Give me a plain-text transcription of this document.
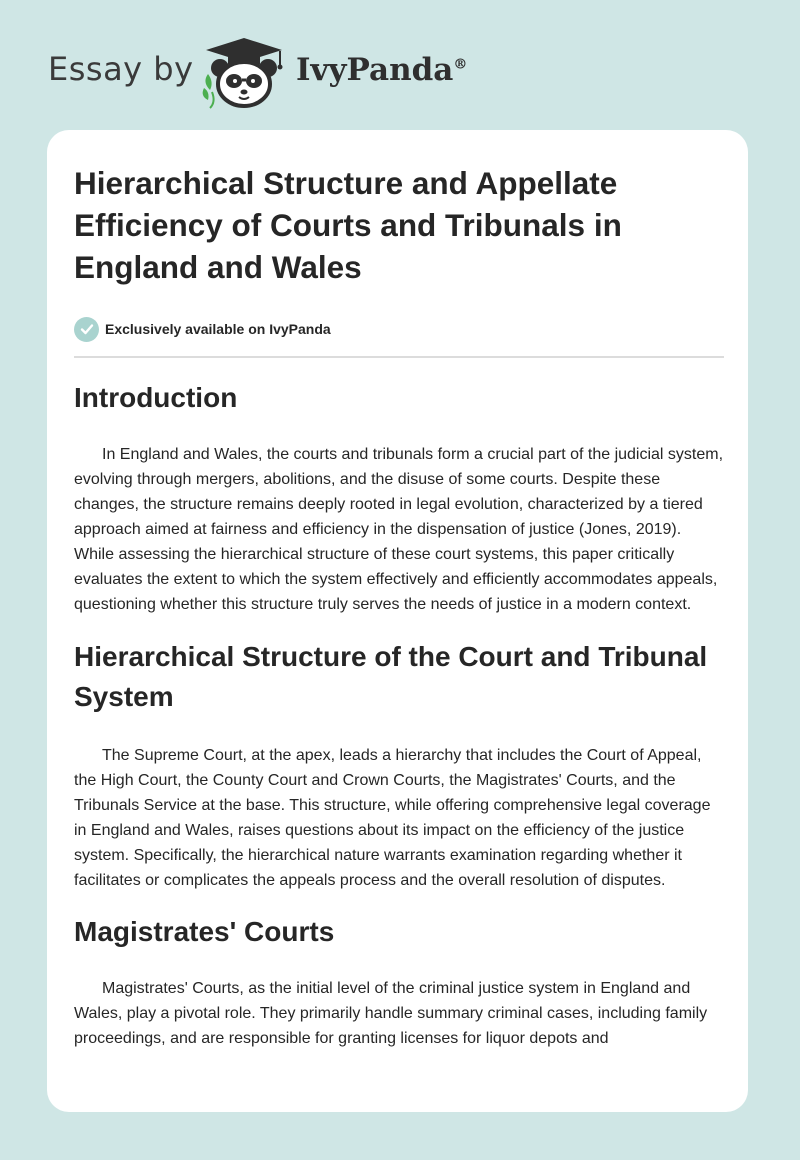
Essay by	IvyPanda®
Hierarchical Structure and Appellate Efficiency of Courts and Tribunals in England and Wales
Exclusively available on IvyPanda
Introduction

In England and Wales, the courts and tribunals form a crucial part of the judicial system, evolving through mergers, abolitions, and the disuse of some courts. Despite these changes, the structure remains deeply rooted in legal evolution, characterized by a tiered approach aimed at fairness and efficiency in the dispensation of justice (Jones, 2019). While assessing the hierarchical structure of these court systems, this paper critically evaluates the extent to which the system effectively and efficiently accommodates appeals, questioning whether this structure truly serves the needs of justice in a modern context.

Hierarchical Structure of the Court and Tribunal System

The Supreme Court, at the apex, leads a hierarchy that includes the Court of Appeal, the High Court, the County Court and Crown Courts, the Magistrates' Courts, and the Tribunals Service at the base. This structure, while offering comprehensive legal coverage in England and Wales, raises questions about its impact on the efficiency of the justice system. Specifically, the hierarchical nature warrants examination regarding whether it facilitates or complicates the appeals process and the overall resolution of disputes.

Magistrates' Courts

Magistrates' Courts, as the initial level of the criminal justice system in England and Wales, play a pivotal role. They primarily handle summary criminal cases, including family proceedings, and are responsible for granting licenses for liquor depots and
